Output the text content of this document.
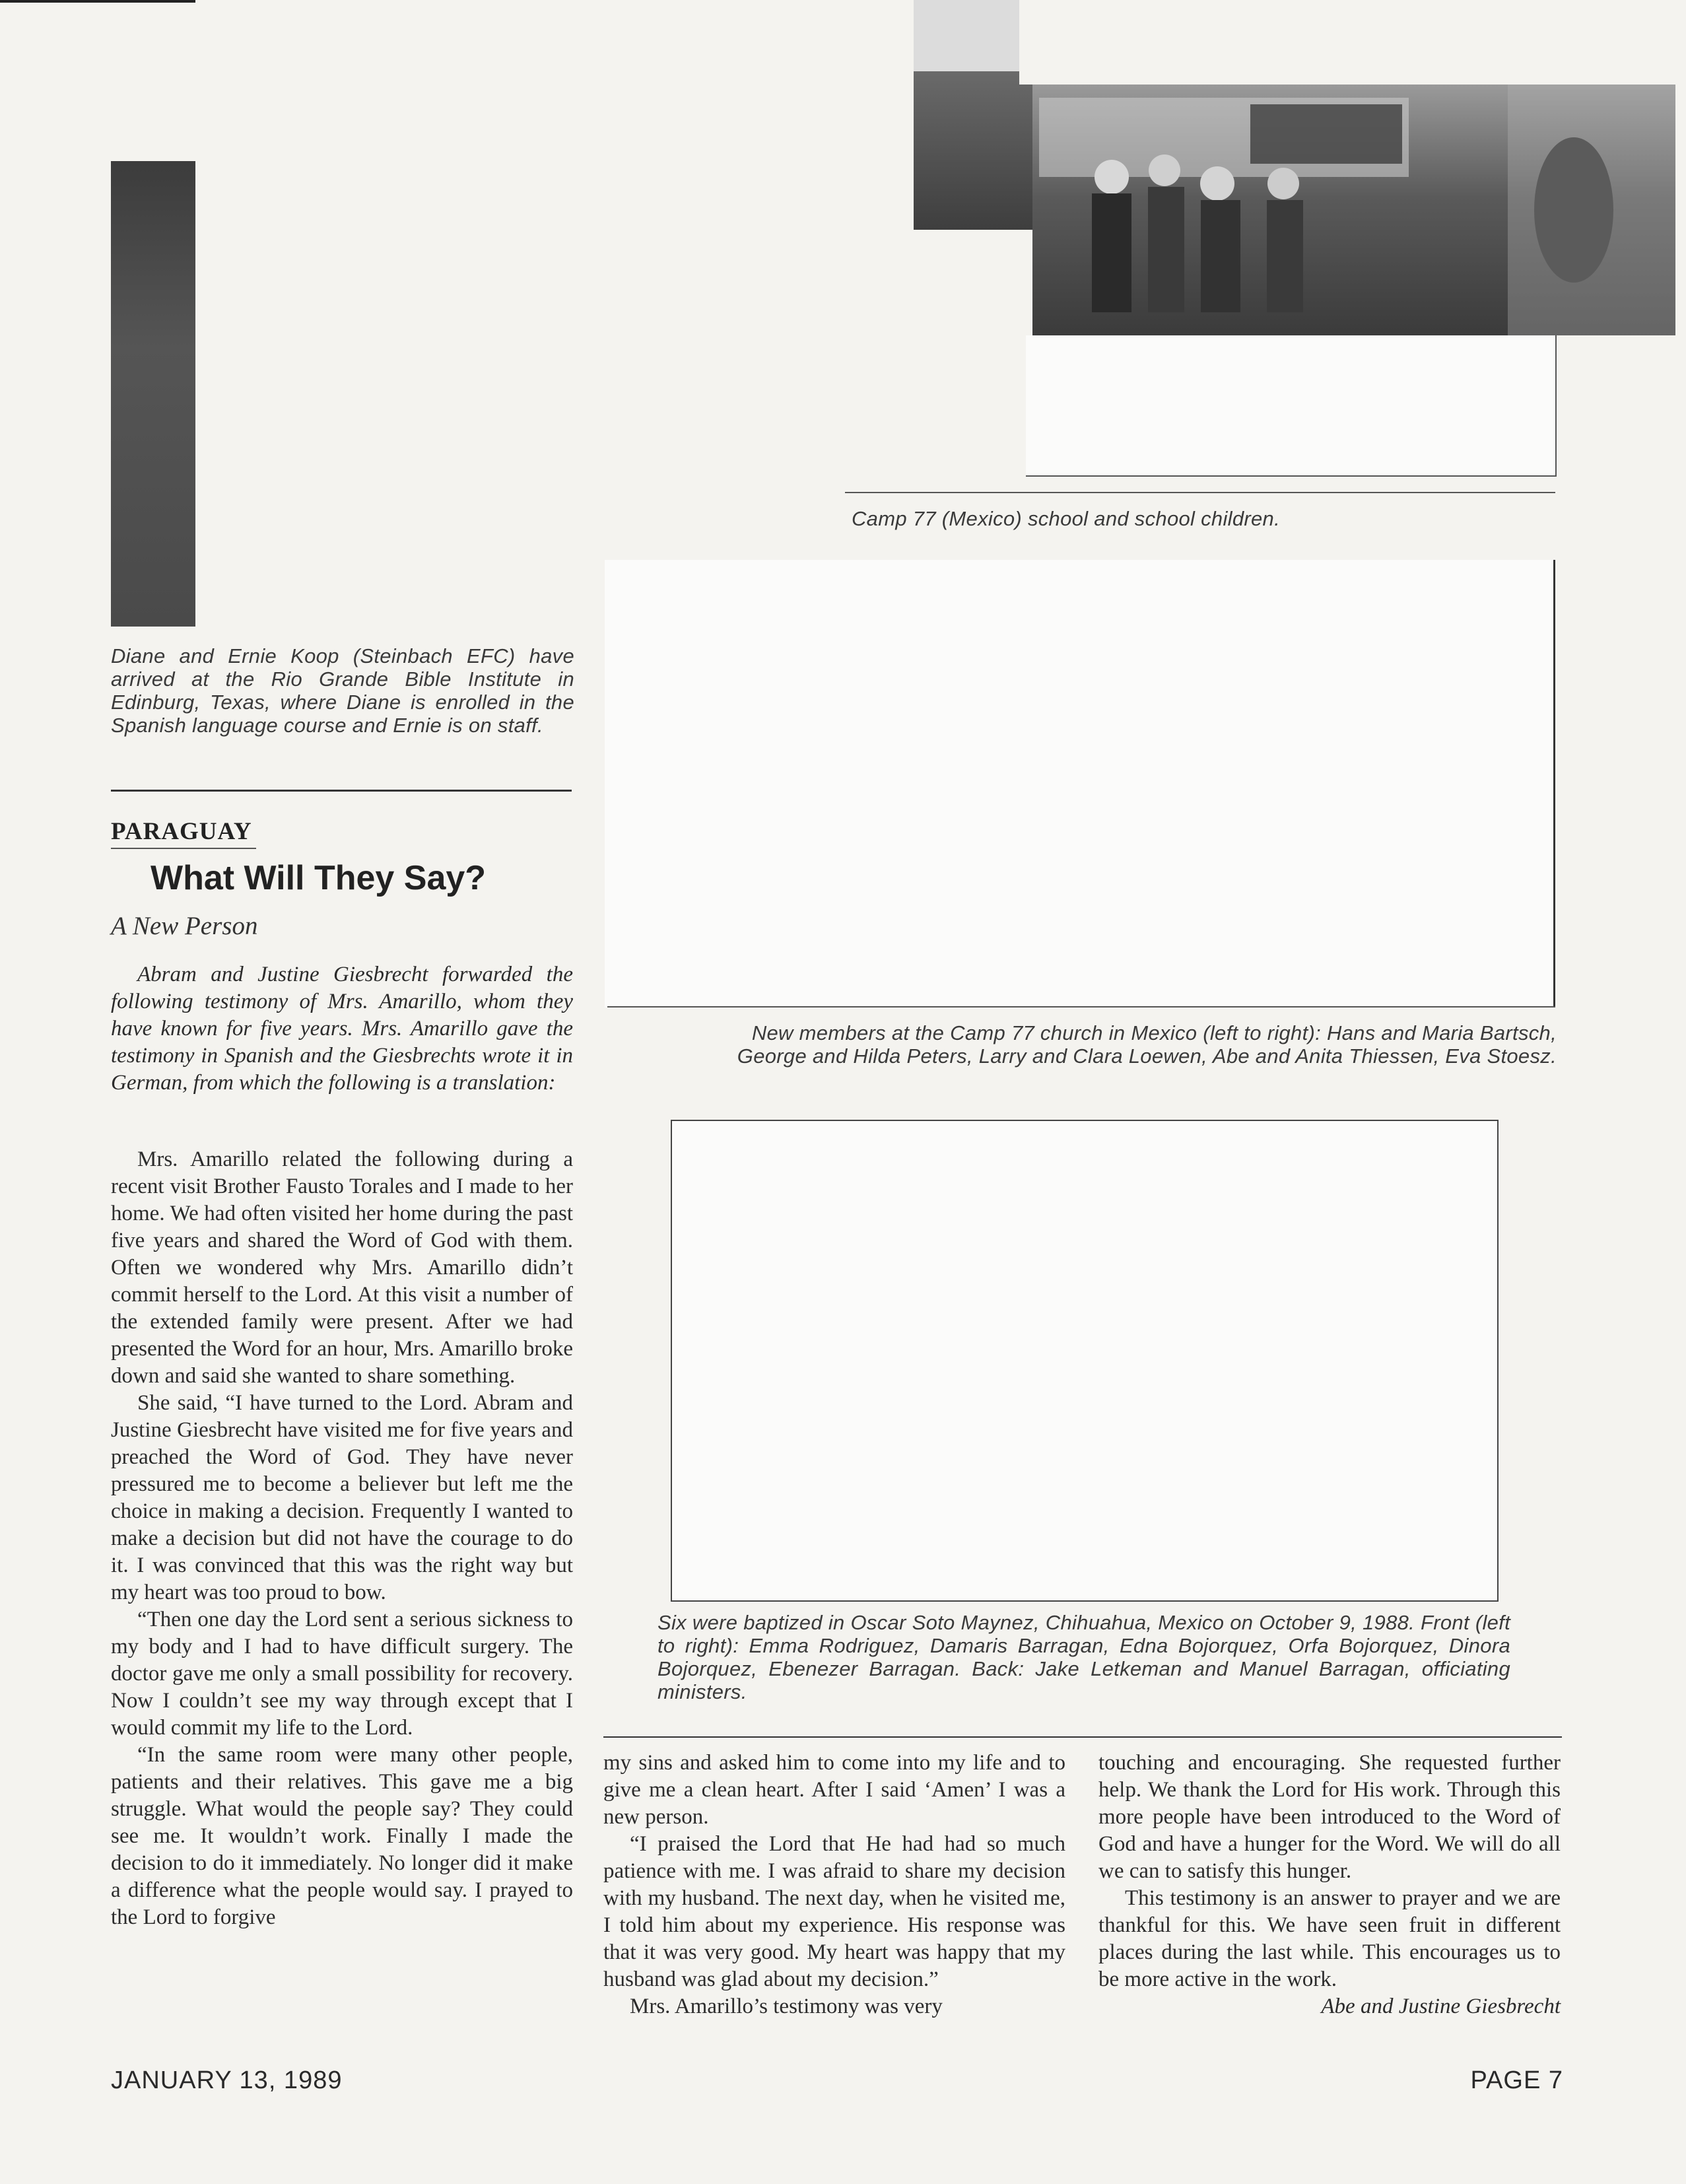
Camp 77 (Mexico) school and school children.
New members at the Camp 77 church in Mexico (left to right): Hans and Maria Bartsch,
George and Hilda Peters, Larry and Clara Loewen, Abe and Anita Thiessen, Eva Stoesz.
Six were baptized in Oscar Soto Maynez, Chihuahua, Mexico on October 9, 1988. Front (left to right): Emma Rodriguez, Damaris Barragan, Edna Bojorquez, Orfa Bojorquez, Dinora Bojorquez, Ebenezer Barragan. Back: Jake Letkeman and Manuel Barragan, officiating ministers.
Diane and Ernie Koop (Steinbach EFC) have arrived at the Rio Grande Bible Institute in Edinburg, Texas, where Diane is enrolled in the Spanish language course and Ernie is on staff.
PARAGUAY
What Will They Say?
A New Person
Abram and Justine Giesbrecht forwarded the following testimony of Mrs. Amarillo, whom they have known for five years. Mrs. Amarillo gave the testimony in Spanish and the Giesbrechts wrote it in German, from which the following is a translation:

Mrs. Amarillo related the following during a recent visit Brother Fausto Torales and I made to her home. We had often visited her home during the past five years and shared the Word of God with them. Often we wondered why Mrs. Amarillo didn’t commit herself to the Lord. At this visit a number of the extended family were present. After we had presented the Word for an hour, Mrs. Amarillo broke down and said she wanted to share something.

She said, “I have turned to the Lord. Abram and Justine Giesbrecht have visited me for five years and preached the Word of God. They have never pressured me to become a believer but left me the choice in making a decision. Frequently I wanted to make a decision but did not have the courage to do it. I was convinced that this was the right way but my heart was too proud to bow.

“Then one day the Lord sent a serious sickness to my body and I had to have difficult surgery. The doctor gave me only a small possibility for recovery. Now I couldn’t see my way through except that I would commit my life to the Lord.

“In the same room were many other people, patients and their relatives. This gave me a big struggle. What would the people say? They could see me. It wouldn’t work. Finally I made the decision to do it immediately. No longer did it make a difference what the people would say. I prayed to the Lord to forgive

my sins and asked him to come into my life and to give me a clean heart. After I said ‘Amen’ I was a new person.

“I praised the Lord that He had had so much patience with me. I was afraid to share my decision with my husband. The next day, when he visited me, I told him about my experience. His response was that it was very good. My heart was happy that my husband was glad about my decision.”

Mrs. Amarillo’s testimony was very

touching and encouraging. She requested further help. We thank the Lord for His work. Through this more people have been introduced to the Word of God and have a hunger for the Word. We will do all we can to satisfy this hunger.

This testimony is an answer to prayer and we are thankful for this. We have seen fruit in different places during the last while. This encourages us to be more active in the work.

Abe and Justine Giesbrecht
JANUARY 13, 1989	PAGE 7
